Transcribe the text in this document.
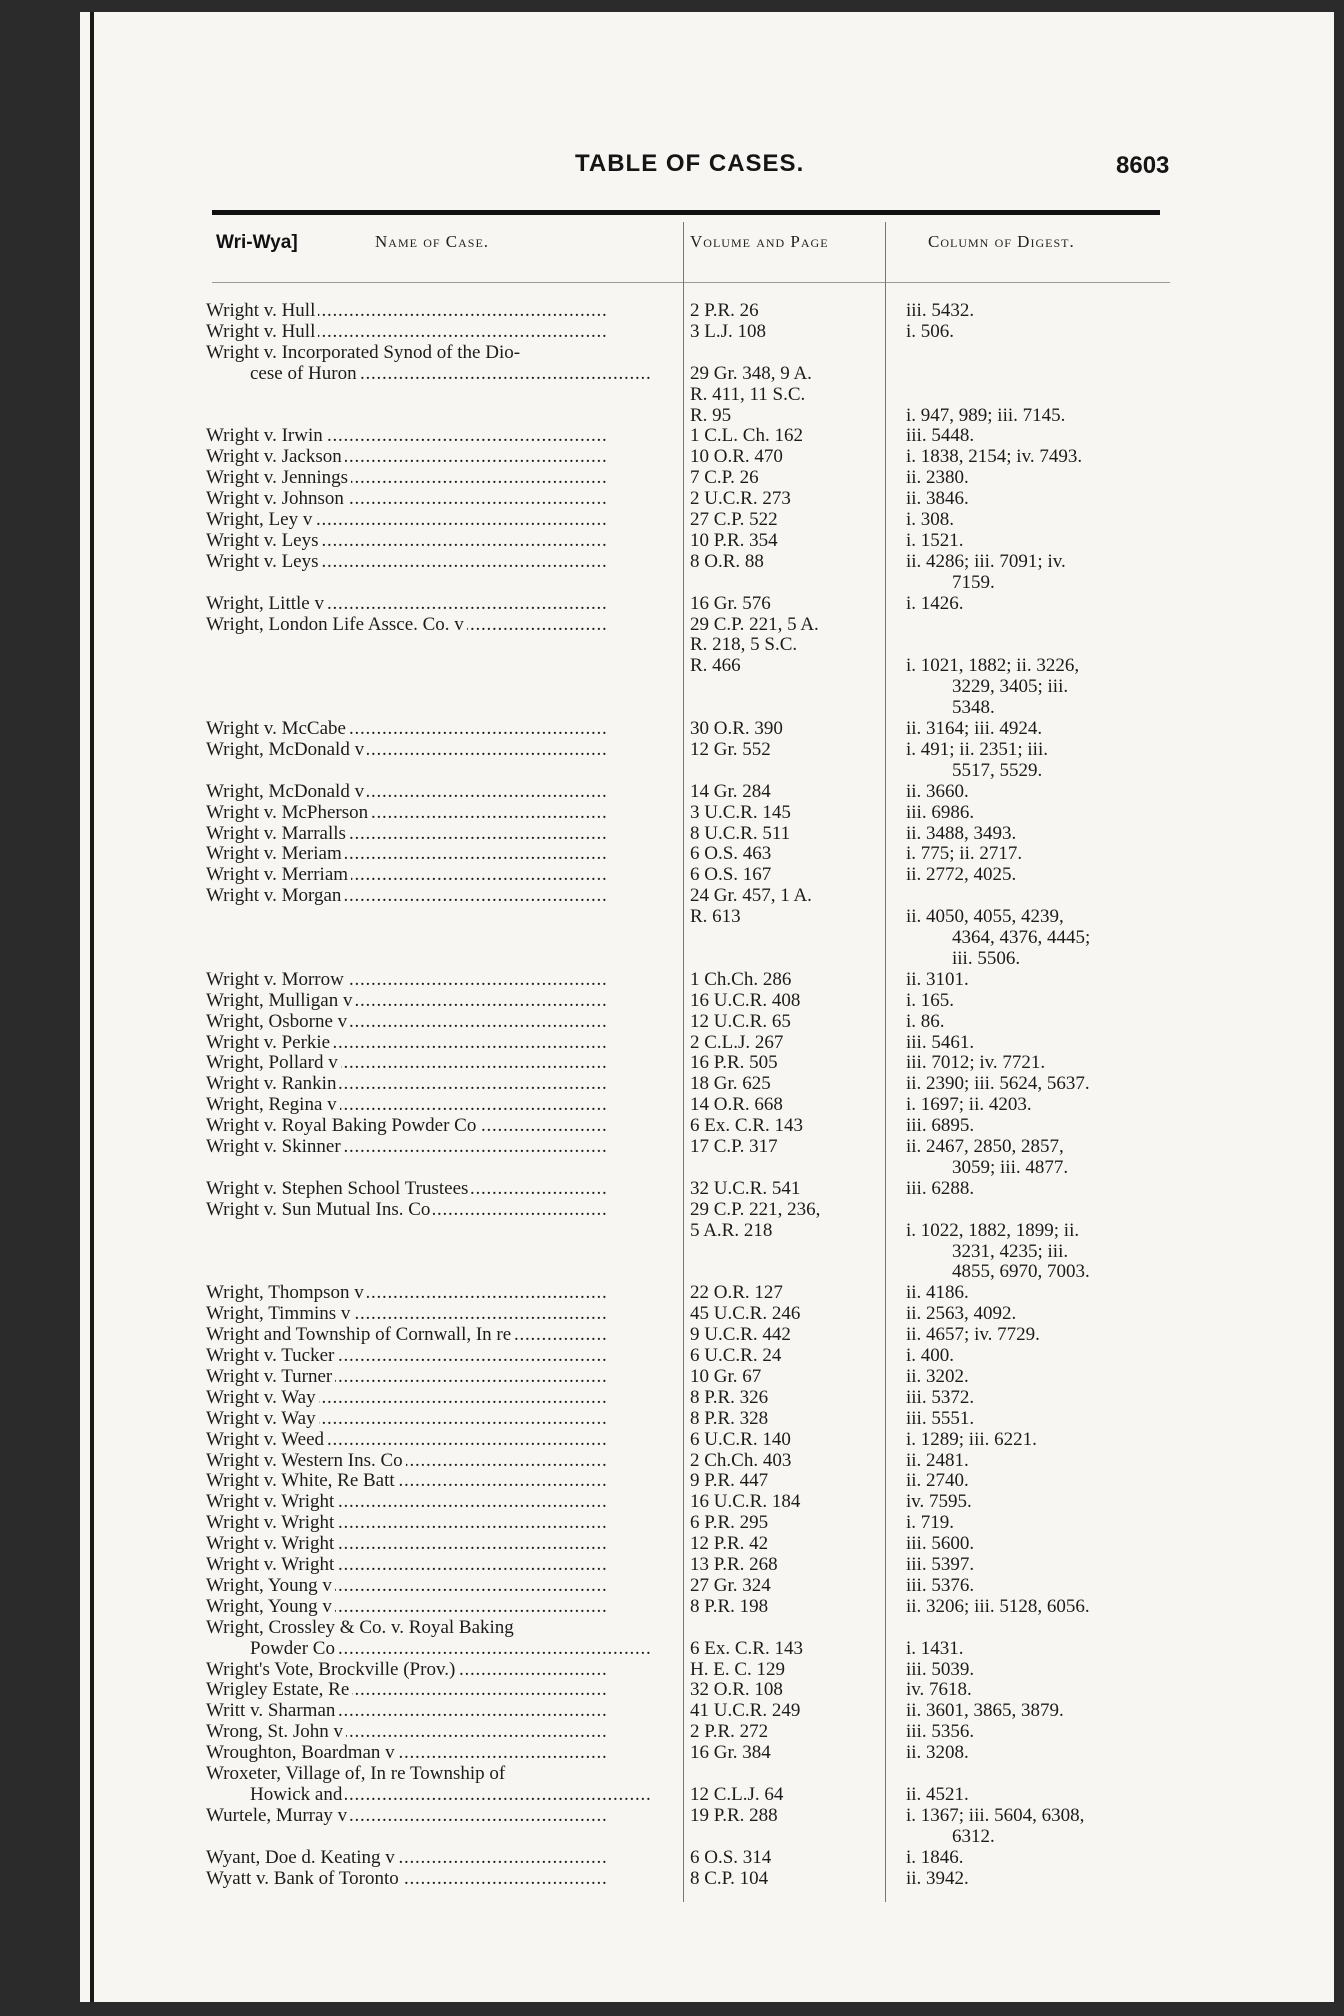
TABLE OF CASES.	8603
Wri-Wya]	Name of Case.	Volume and Page	Column of Digest.
Wright v. Hull . . .	2 P.R. 26	iii. 5432.
Wright v. Hull . . .	3 L.J. 108	i. 506.
Wright v. Incorporated Synod of the Dio-
cese of Huron . . .	29 Gr. 348, 9 A.
R. 411, 11 S.C.
R. 95	i. 947, 989; iii. 7145.
Wright v. Irwin . . .	1 C.L. Ch. 162	iii. 5448.
Wright v. Jackson . . .	10 O.R. 470	i. 1838, 2154; iv. 7493.
Wright v. Jennings . . .	7 C.P. 26	ii. 2380.
Wright v. Johnson . . .	2 U.C.R. 273	ii. 3846.
Wright, Ley v . . .	27 C.P. 522	i. 308.
Wright v. Leys . . .	10 P.R. 354	i. 1521.
Wright v. Leys . . .	8 O.R. 88	ii. 4286; iii. 7091; iv.
7159.
Wright, Little v . . .	16 Gr. 576	i. 1426.
Wright, London Life Assce. Co. v . . .	29 C.P. 221, 5 A.
R. 218, 5 S.C.
R. 466	i. 1021, 1882; ii. 3226,
3229, 3405; iii.
5348.
Wright v. McCabe . . .	30 O.R. 390	ii. 3164; iii. 4924.
Wright, McDonald v . . .	12 Gr. 552	i. 491; ii. 2351; iii.
5517, 5529.
Wright, McDonald v . . .	14 Gr. 284	ii. 3660.
Wright v. McPherson . . .	3 U.C.R. 145	iii. 6986.
Wright v. Marralls . . .	8 U.C.R. 511	ii. 3488, 3493.
Wright v. Meriam . . .	6 O.S. 463	i. 775; ii. 2717.
Wright v. Merriam . . .	6 O.S. 167	ii. 2772, 4025.
Wright v. Morgan . . .	24 Gr. 457, 1 A.
R. 613	ii. 4050, 4055, 4239,
4364, 4376, 4445;
iii. 5506.
Wright v. Morrow . . .	1 Ch.Ch. 286	ii. 3101.
Wright, Mulligan v . . .	16 U.C.R. 408	i. 165.
Wright, Osborne v . . .	12 U.C.R. 65	i. 86.
Wright v. Perkie . . .	2 C.L.J. 267	iii. 5461.
Wright, Pollard v . . .	16 P.R. 505	iii. 7012; iv. 7721.
Wright v. Rankin . . .	18 Gr. 625	ii. 2390; iii. 5624, 5637.
Wright, Regina v . . .	14 O.R. 668	i. 1697; ii. 4203.
Wright v. Royal Baking Powder Co . . .	6 Ex. C.R. 143	iii. 6895.
Wright v. Skinner . . .	17 C.P. 317	ii. 2467, 2850, 2857,
3059; iii. 4877.
Wright v. Stephen School Trustees . . .	32 U.C.R. 541	iii. 6288.
Wright v. Sun Mutual Ins. Co . . .	29 C.P. 221, 236,
5 A.R. 218	i. 1022, 1882, 1899; ii.
3231, 4235; iii.
4855, 6970, 7003.
Wright, Thompson v . . .	22 O.R. 127	ii. 4186.
Wright, Timmins v . . .	45 U.C.R. 246	ii. 2563, 4092.
Wright and Township of Cornwall, In re . . .	9 U.C.R. 442	ii. 4657; iv. 7729.
Wright v. Tucker . . .	6 U.C.R. 24	i. 400.
Wright v. Turner . . .	10 Gr. 67	ii. 3202.
Wright v. Way . . .	8 P.R. 326	iii. 5372.
Wright v. Way . . .	8 P.R. 328	iii. 5551.
Wright v. Weed . . .	6 U.C.R. 140	i. 1289; iii. 6221.
Wright v. Western Ins. Co . . .	2 Ch.Ch. 403	ii. 2481.
Wright v. White, Re Batt . . .	9 P.R. 447	ii. 2740.
Wright v. Wright . . .	16 U.C.R. 184	iv. 7595.
Wright v. Wright . . .	6 P.R. 295	i. 719.
Wright v. Wright . . .	12 P.R. 42	iii. 5600.
Wright v. Wright . . .	13 P.R. 268	iii. 5397.
Wright, Young v . . .	27 Gr. 324	iii. 5376.
Wright, Young v . . .	8 P.R. 198	ii. 3206; iii. 5128, 6056.
Wright, Crossley & Co. v. Royal Baking
Powder Co . . .	6 Ex. C.R. 143	i. 1431.
Wright's Vote, Brockville (Prov.) . . .	H. E. C. 129	iii. 5039.
Wrigley Estate, Re . . .	32 O.R. 108	iv. 7618.
Writt v. Sharman . . .	41 U.C.R. 249	ii. 3601, 3865, 3879.
Wrong, St. John v . . .	2 P.R. 272	iii. 5356.
Wroughton, Boardman v . . .	16 Gr. 384	ii. 3208.
Wroxeter, Village of, In re Township of
Howick and . . .	12 C.L.J. 64	ii. 4521.
Wurtele, Murray v . . .	19 P.R. 288	i. 1367; iii. 5604, 6308,
6312.
Wyant, Doe d. Keating v . . .	6 O.S. 314	i. 1846.
Wyatt v. Bank of Toronto . . .	8 C.P. 104	ii. 3942.
